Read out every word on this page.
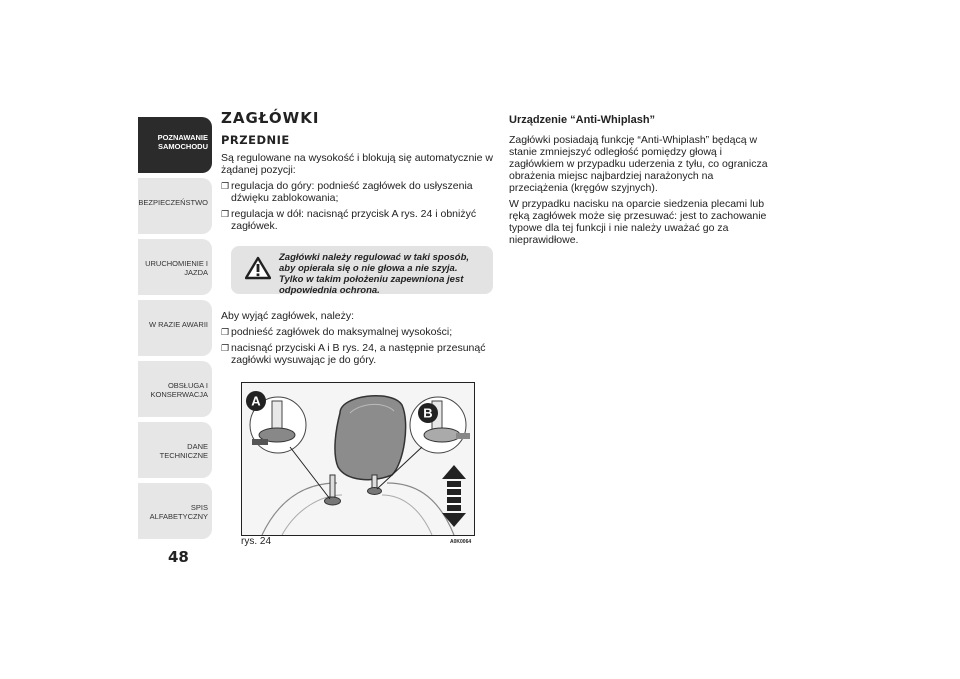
POZNAWANIE SAMOCHODU
BEZPIECZEŃSTWO
URUCHOMIENIE I JAZDA
W RAZIE AWARII
OBSŁUGA I KONSERWACJA
DANE TECHNICZNE
SPIS ALFABETYCZNY
48
ZAGŁÓWKI
PRZEDNIE

Są regulowane na wysokość i blokują się automatycznie w żądanej pozycji:

❐ regulacja do góry: podnieść zagłówek do usłyszenia dźwięku zablokowania;
❐ regulacja w dół: nacisnąć przycisk A rys. 24 i obniżyć zagłówek.
Zagłówki należy regulować w taki sposób, aby opierała się o nie głowa a nie szyja. Tylko w takim położeniu zapewniona jest odpowiednia ochrona.

Aby wyjąć zagłówek, należy:

❐ podnieść zagłówek do maksymalnej wysokości;
❐ nacisnąć przyciski A i B rys. 24, a następnie przesunąć zagłówki wysuwając je do góry.
A
B
rys. 24	A0K0064
Urządzenie “Anti-Whiplash”

Zagłówki posiadają funkcję “Anti-Whiplash” będącą w stanie zmniejszyć odległość pomiędzy głową i zagłówkiem w przypadku uderzenia z tyłu, co ogranicza obrażenia miejsc najbardziej narażonych na przeciążenia (kręgów szyjnych).

W przypadku nacisku na oparcie siedzenia plecami lub ręką zagłówek może się przesuwać: jest to zachowanie typowe dla tej funkcji i nie należy uważać go za nieprawidłowe.
